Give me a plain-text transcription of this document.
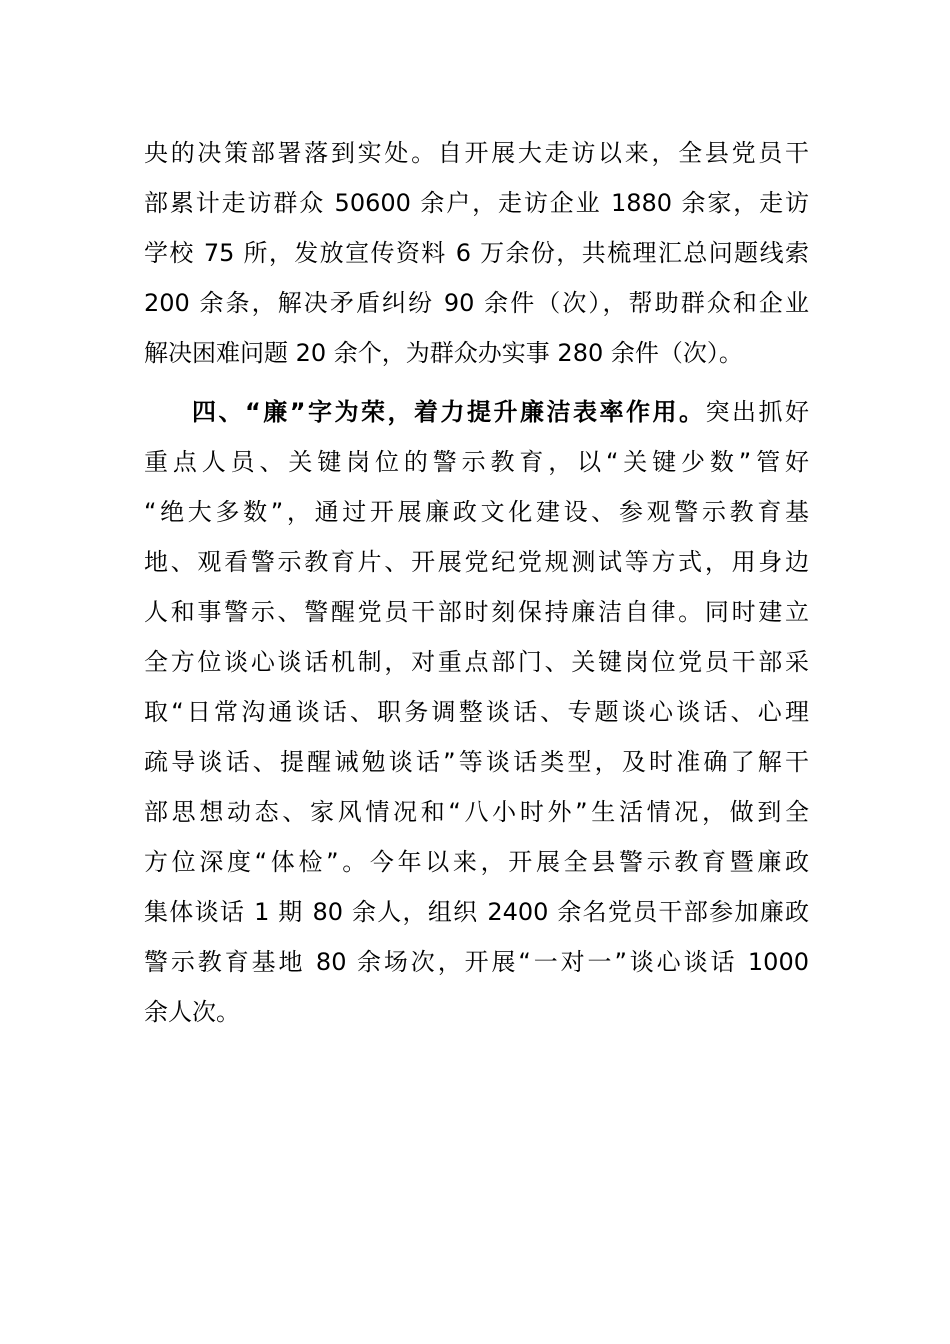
央的决策部署落到实处。自开展大走访以来，全县党员干
部累计走访群众 50600 余户，走访企业 1880 余家，走访
学校 75 所，发放宣传资料 6 万余份，共梳理汇总问题线索
200 余条，解决矛盾纠纷 90 余件（次），帮助群众和企业
解决困难问题 20 余个，为群众办实事 280 余件（次）。
四、“廉”字为荣，着力提升廉洁表率作用。突出抓好
重点人员、关键岗位的警示教育，以“关键少数”管好
“绝大多数”，通过开展廉政文化建设、参观警示教育基
地、观看警示教育片、开展党纪党规测试等方式，用身边
人和事警示、警醒党员干部时刻保持廉洁自律。同时建立
全方位谈心谈话机制，对重点部门、关键岗位党员干部采
取“日常沟通谈话、职务调整谈话、专题谈心谈话、心理
疏导谈话、提醒诫勉谈话”等谈话类型，及时准确了解干
部思想动态、家风情况和“八小时外”生活情况，做到全
方位深度“体检”。今年以来，开展全县警示教育暨廉政
集体谈话 1 期 80 余人，组织 2400 余名党员干部参加廉政
警示教育基地 80 余场次，开展“一对一”谈心谈话 1000
余人次。
